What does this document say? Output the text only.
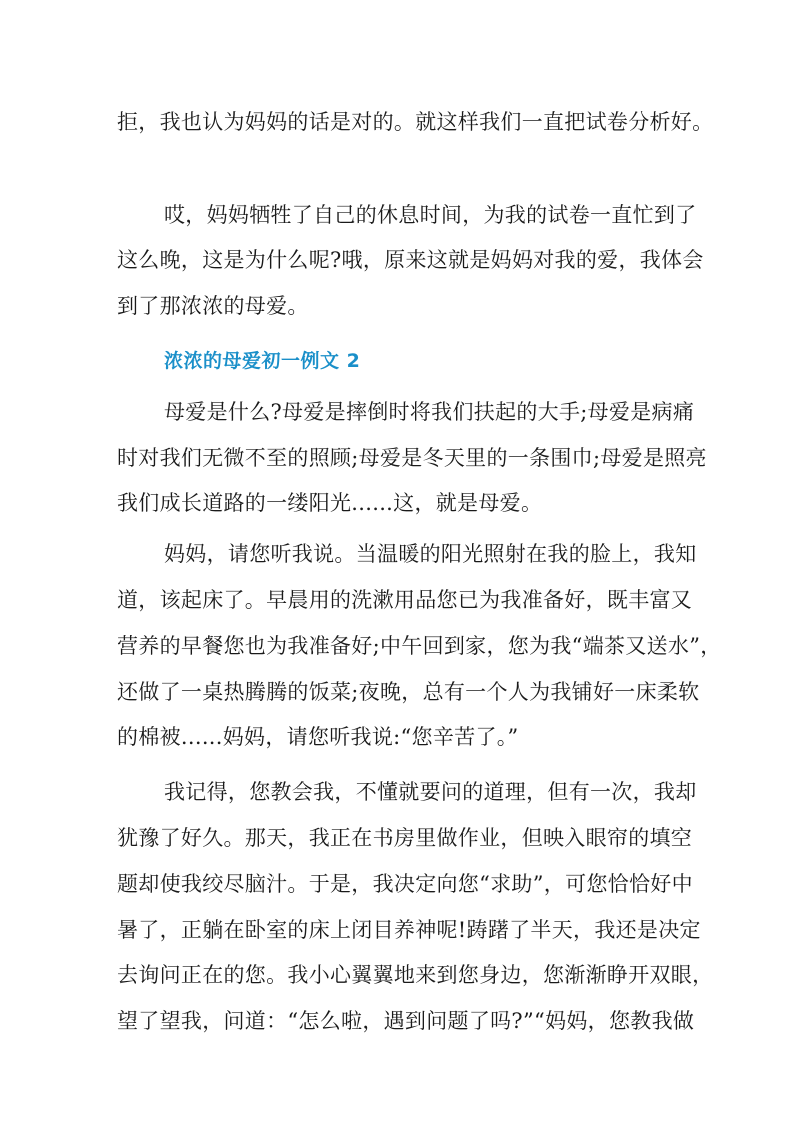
拒，我也认为妈妈的话是对的。就这样我们一直把试卷分析好。
哎，妈妈牺牲了自己的休息时间，为我的试卷一直忙到了
这么晚，这是为什么呢?哦，原来这就是妈妈对我的爱，我体会
到了那浓浓的母爱。
浓浓的母爱初一例文 2
母爱是什么?母爱是摔倒时将我们扶起的大手;母爱是病痛
时对我们无微不至的照顾;母爱是冬天里的一条围巾;母爱是照亮
我们成长道路的一缕阳光......这，就是母爱。
妈妈，请您听我说。当温暖的阳光照射在我的脸上，我知
道，该起床了。早晨用的洗漱用品您已为我准备好，既丰富又
营养的早餐您也为我准备好;中午回到家，您为我“端茶又送水”，
还做了一桌热腾腾的饭菜;夜晚，总有一个人为我铺好一床柔软
的棉被......妈妈，请您听我说:“您辛苦了。”
我记得，您教会我，不懂就要问的道理，但有一次，我却
犹豫了好久。那天，我正在书房里做作业，但映入眼帘的填空
题却使我绞尽脑汁。于是，我决定向您“求助”，可您恰恰好中
暑了，正躺在卧室的床上闭目养神呢!踌躇了半天，我还是决定
去询问正在的您。我小心翼翼地来到您身边，您渐渐睁开双眼，
望了望我，问道：“怎么啦，遇到问题了吗?”“妈妈，您教我做
